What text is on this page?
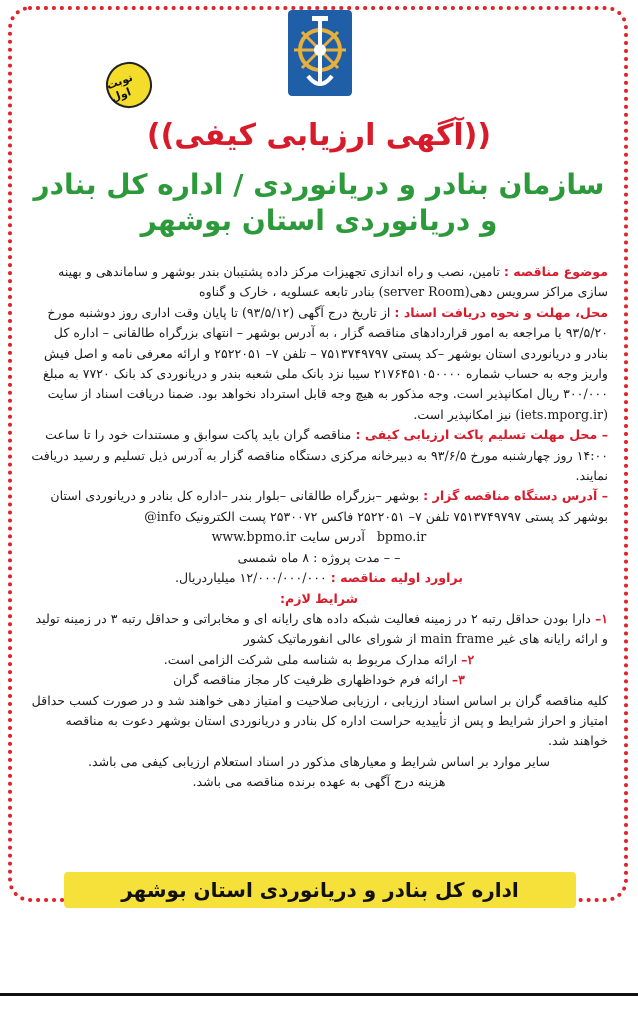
نوبت اول
((آگهی ارزیابی کیفی))
سازمان بنادر و دریانوردی / اداره کل بنادر
و دریانوردی استان بوشهر

موضوع مناقصه : تامین، نصب و راه اندازی تجهیزات مرکز داده پشتیبان بندر بوشهر و ساماندهی و بهینه سازی مراکز سرویس دهی(server Room) بنادر تابعه عسلویه ، خارک و گناوه

محل، مهلت و نحوه دریافت اسناد : از تاریخ درج آگهی (۹۳/۵/۱۲) تا پایان وقت اداری روز دوشنبه مورخ ۹۳/۵/۲۰ با مراجعه به امور قراردادهای مناقصه گزار ، به آدرس بوشهر – انتهای بزرگراه طالقانی – اداره کل بنادر و دریانوردی استان بوشهر –کد پستی ۷۵۱۳۷۴۹۷۹۷ – تلفن ۷– ۲۵۲۲۰۵۱ و ارائه معرفی نامه و اصل فیش واریز وجه به حساب شماره ۲۱۷۶۴۵۱۰۵۰۰۰۰ سیبا نزد بانک ملی شعبه بندر و دریانوردی کد بانک ۷۷۲۰ به مبلغ ۳۰۰/۰۰۰ ریال امکانپذیر است. وجه مذکور به هیچ وجه قابل استرداد نخواهد بود. ضمنا دریافت اسناد از سایت (iets.mporg.ir) نیز امکانپذیر است.

– محل مهلت تسلیم پاکت ارزیابی کیفی : مناقصه گران باید پاکت سوابق و مستندات خود را تا ساعت ۱۴:۰۰ روز چهارشنبه مورخ ۹۳/۶/۵ به دبیرخانه مرکزی دستگاه مناقصه گزار به آدرس ذیل تسلیم و رسید دریافت نمایند.

– آدرس دستگاه مناقصه گزار : بوشهر –بزرگراه طالقانی –بلوار بندر –اداره کل بنادر و دریانوردی استان بوشهر کد پستی ۷۵۱۳۷۴۹۷۹۷ تلفن ۷– ۲۵۲۲۰۵۱ فاکس ۲۵۳۰۰۷۲ پست الکترونیک info@

bpmo.ir   آدرس سایت www.bpmo.ir

– – مدت پروژه : ۸ ماه شمسی

براورد اولیه مناقصه : ۱۲/۰۰۰/۰۰۰/۰۰۰ میلیاردریال.

شرایط لازم:

۱– دارا بودن حداقل رتبه ۲ در زمینه فعالیت شبکه داده های رایانه ای و مخابراتی و حداقل رتبه ۳ در زمینه تولید و ارائه رایانه های غیر main frame از شورای عالی انفورماتیک کشور

۲– ارائه مدارک مربوط به شناسه ملی شرکت الزامی است.

۳– ارائه فرم خوداظهاری ظرفیت کار مجاز مناقصه گران

کلیه مناقصه گران بر اساس اسناد ارزیابی ، ارزیابی صلاحیت و امتیاز دهی خواهند شد و در صورت کسب حداقل امتیاز و احراز شرایط و پس از تأییدیه حراست اداره کل بنادر و دریانوردی استان بوشهر دعوت به مناقصه خواهند شد.

سایر موارد بر اساس شرایط و معیارهای مذکور در اسناد استعلام ارزیابی کیفی می باشد.

هزینه درج آگهی به عهده برنده مناقصه می باشد.

اداره کل بنادر و دریانوردی استان بوشهر
